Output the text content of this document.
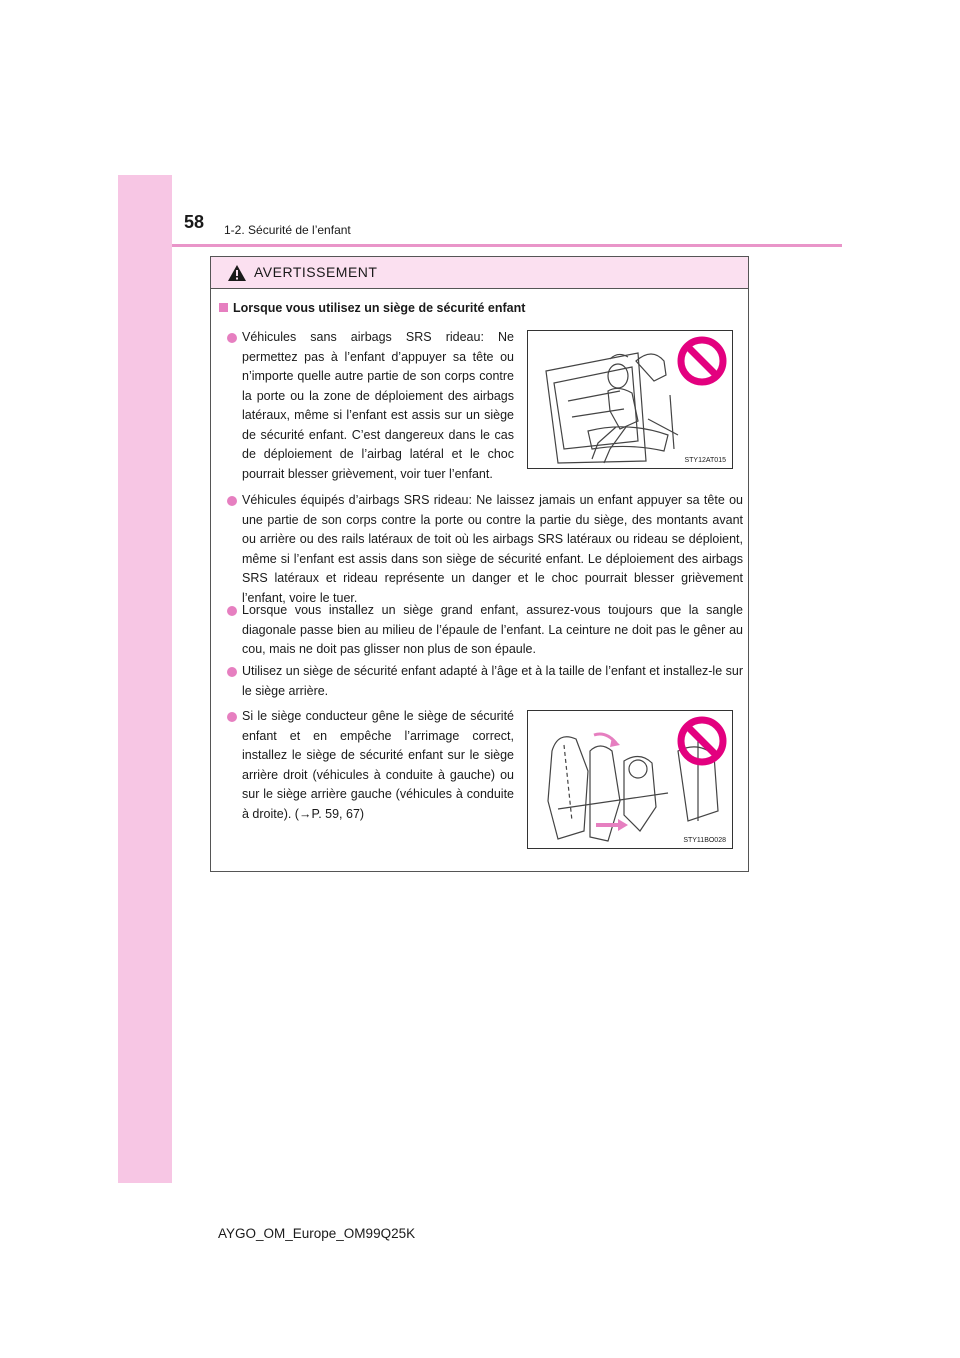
58 1-2. Sécurité de l’enfant
AVERTISSEMENT
Lorsque vous utilisez un siège de sécurité enfant
Véhicules sans airbags SRS rideau: Ne permettez pas à l’enfant d’appuyer sa tête ou n’importe quelle autre partie de son corps contre la porte ou la zone de déploiement des airbags latéraux, même si l’enfant est assis sur un siège de sécurité enfant. C’est dangereux dans le cas de déploiement de l’airbag latéral et le choc pourrait blesser grièvement, voir tuer l’enfant.
STY12AT015
Véhicules équipés d’airbags SRS rideau: Ne laissez jamais un enfant appuyer sa tête ou une partie de son corps contre la porte ou contre la partie du siège, des montants avant ou arrière ou des rails latéraux de toit où les airbags SRS latéraux ou rideau se déploient, même si l’enfant est assis dans son siège de sécurité enfant. Le déploiement des airbags SRS latéraux et rideau représente un danger et le choc pourrait blesser grièvement l’enfant, voire le tuer.
Lorsque vous installez un siège grand enfant, assurez-vous toujours que la sangle diagonale passe bien au milieu de l’épaule de l’enfant. La ceinture ne doit pas le gêner au cou, mais ne doit pas glisser non plus de son épaule.
Utilisez un siège de sécurité enfant adapté à l’âge et à la taille de l’enfant et installez-le sur le siège arrière.
Si le siège conducteur gêne le siège de sécurité enfant et en empêche l’arrimage correct, installez le siège de sécurité enfant sur le siège arrière droit (véhicules à conduite à gauche) ou sur le siège arrière gauche (véhicules à conduite à droite). (→P. 59, 67)
STY11BO028
AYGO_OM_Europe_OM99Q25K
